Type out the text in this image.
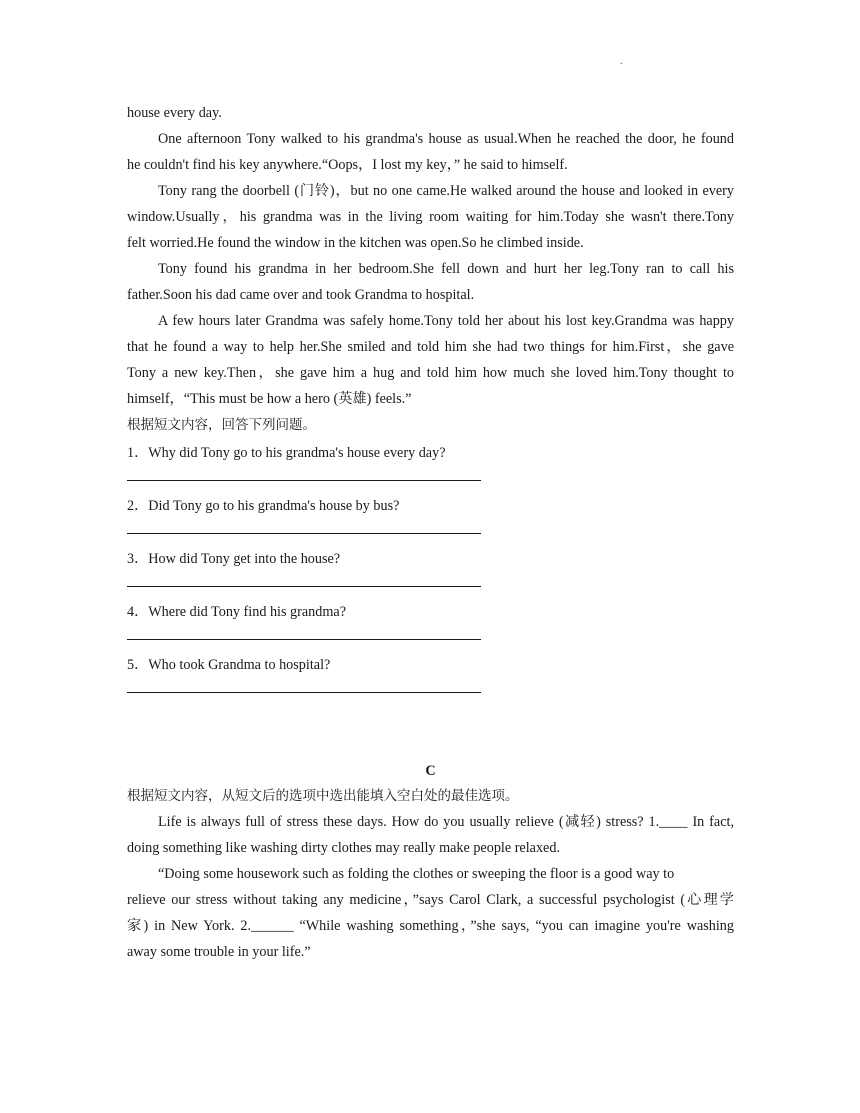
.
house every day.
One afternoon Tony walked to his grandma's house as usual.When he reached the door, he found
he couldn't find his key anywhere.“Oops，I lost my key，” he said to himself.
Tony rang the doorbell (门铃)，but no one came.He walked around the house and looked in every
window.Usually，his grandma was in the living room waiting for him.Today she wasn't there.Tony
felt worried.He found the window in the kitchen was open.So he climbed inside.
Tony found his grandma in her bedroom.She fell down and hurt her leg.Tony ran to call his
father.Soon his dad came over and took Grandma to hospital.
A few hours later Grandma was safely home.Tony told her about his lost key.Grandma was happy
that he found a way to help her.She smiled and told him she had two things for him.First，she gave
Tony a new key.Then，she gave him a hug and told him how much she loved him.Tony thought to
himself，“This must be how a hero (英雄) feels.”
根据短文内容，回答下列问题。
1．Why did Tony go to his grandma's house every day?
2．Did Tony go to his grandma's house by bus?
3．How did Tony get into the house?
4．Where did Tony find his grandma?
5．Who took Grandma to hospital?
C
根据短文内容，从短文后的选项中选出能填入空白处的最佳选项。
Life is always full of stress these days. How do you usually relieve (减轻) stress? 1.____ In fact,
doing something like washing dirty clothes may really make people relaxed.
“Doing some housework such as folding the clothes or sweeping the floor is a good way to
relieve our stress without taking any medicine，”says Carol Clark, a successful psychologist (心理学
家) in New York. 2.______ “While washing something，”she says, “you can imagine you're washing
away some trouble in your life.”
